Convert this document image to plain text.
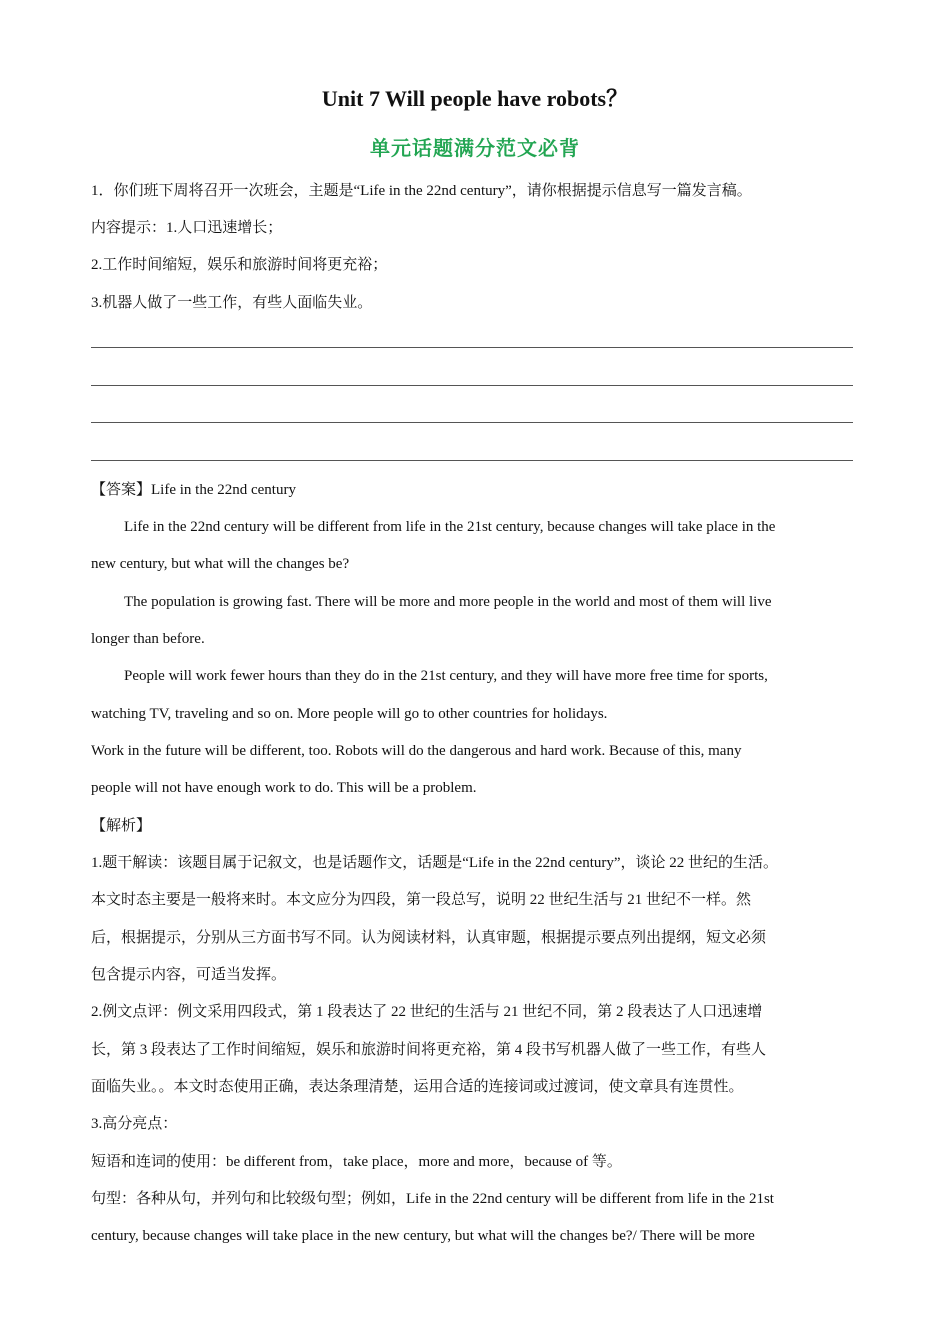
Unit 7 Will people have robots？
单元话题满分范文必背
1．你们班下周将召开一次班会，主题是“Life in the 22nd century”，请你根据提示信息写一篇发言稿。
内容提示：1.人口迅速增长；
2.工作时间缩短，娱乐和旅游时间将更充裕；
3.机器人做了一些工作，有些人面临失业。
【答案】Life in the 22nd century
Life in the 22nd century will be different from life in the 21st century, because changes will take place in the
new century, but what will the changes be?
The population is growing fast. There will be more and more people in the world and most of them will live
longer than before.
People will work fewer hours than they do in the 21st century, and they will have more free time for sports,
watching TV, traveling and so on. More people will go to other countries for holidays.
Work in the future will be different, too. Robots will do the dangerous and hard work. Because of this, many
people will not have enough work to do. This will be a problem.
【解析】
1.题干解读：该题目属于记叙文，也是话题作文，话题是“Life in the 22nd century”，谈论 22 世纪的生活。
本文时态主要是一般将来时。本文应分为四段，第一段总写，说明 22 世纪生活与 21 世纪不一样。然
后，根据提示，分别从三方面书写不同。认为阅读材料，认真审题，根据提示要点列出提纲，短文必须
包含提示内容，可适当发挥。
2.例文点评：例文采用四段式，第 1 段表达了 22 世纪的生活与 21 世纪不同，第 2 段表达了人口迅速增
长，第 3 段表达了工作时间缩短，娱乐和旅游时间将更充裕，第 4 段书写机器人做了一些工作，有些人
面临失业。。本文时态使用正确，表达条理清楚，运用合适的连接词或过渡词，使文章具有连贯性。
3.高分亮点：
短语和连词的使用：be different from，take place，more and more，because of 等。
句型：各种从句，并列句和比较级句型；例如，Life in the 22nd century will be different from life in the 21st
century, because changes will take place in the new century, but what will the changes be?/ There will be more
